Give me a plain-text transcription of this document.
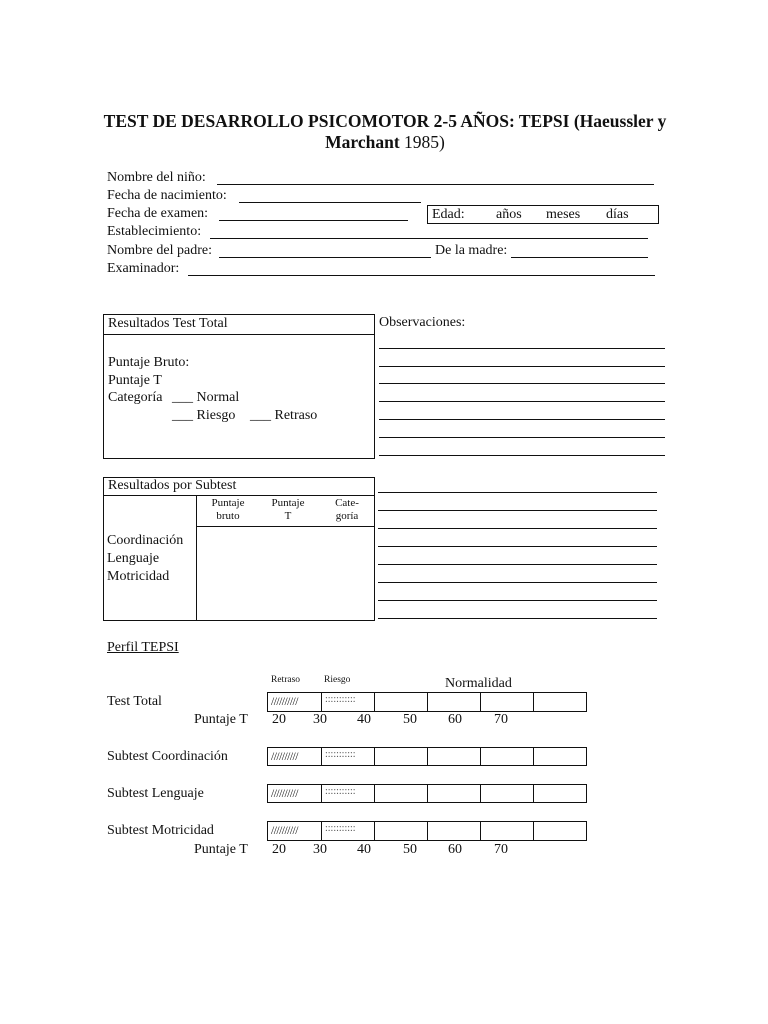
TEST DE DESARROLLO PSICOMOTOR 2-5 AÑOS: TEPSI (Haeussler y
Marchant 1985)
Nombre del niño:
Fecha de nacimiento:
Fecha de examen:	Edad: años meses días
Establecimiento:
Nombre del padre:	De la madre:
Examinador:
Resultados Test Total
Puntaje Bruto:
Puntaje T
Categoría ___ Normal
___ Riesgo ___ Retraso
Observaciones:
Resultados por Subtest
Puntaje
bruto
Puntaje
T
Cate-
goría
Coordinación
Lenguaje
Motricidad
Perfil TEPSI
Retraso	Riesgo	Normalidad
Test Total	//////////	:::::::::::
Puntaje T 20 30 40 50 60 70
Subtest Coordinación	//////////	:::::::::::
Subtest Lenguaje	//////////	:::::::::::
Subtest Motricidad	//////////	:::::::::::
Puntaje T 20 30 40 50 60 70
